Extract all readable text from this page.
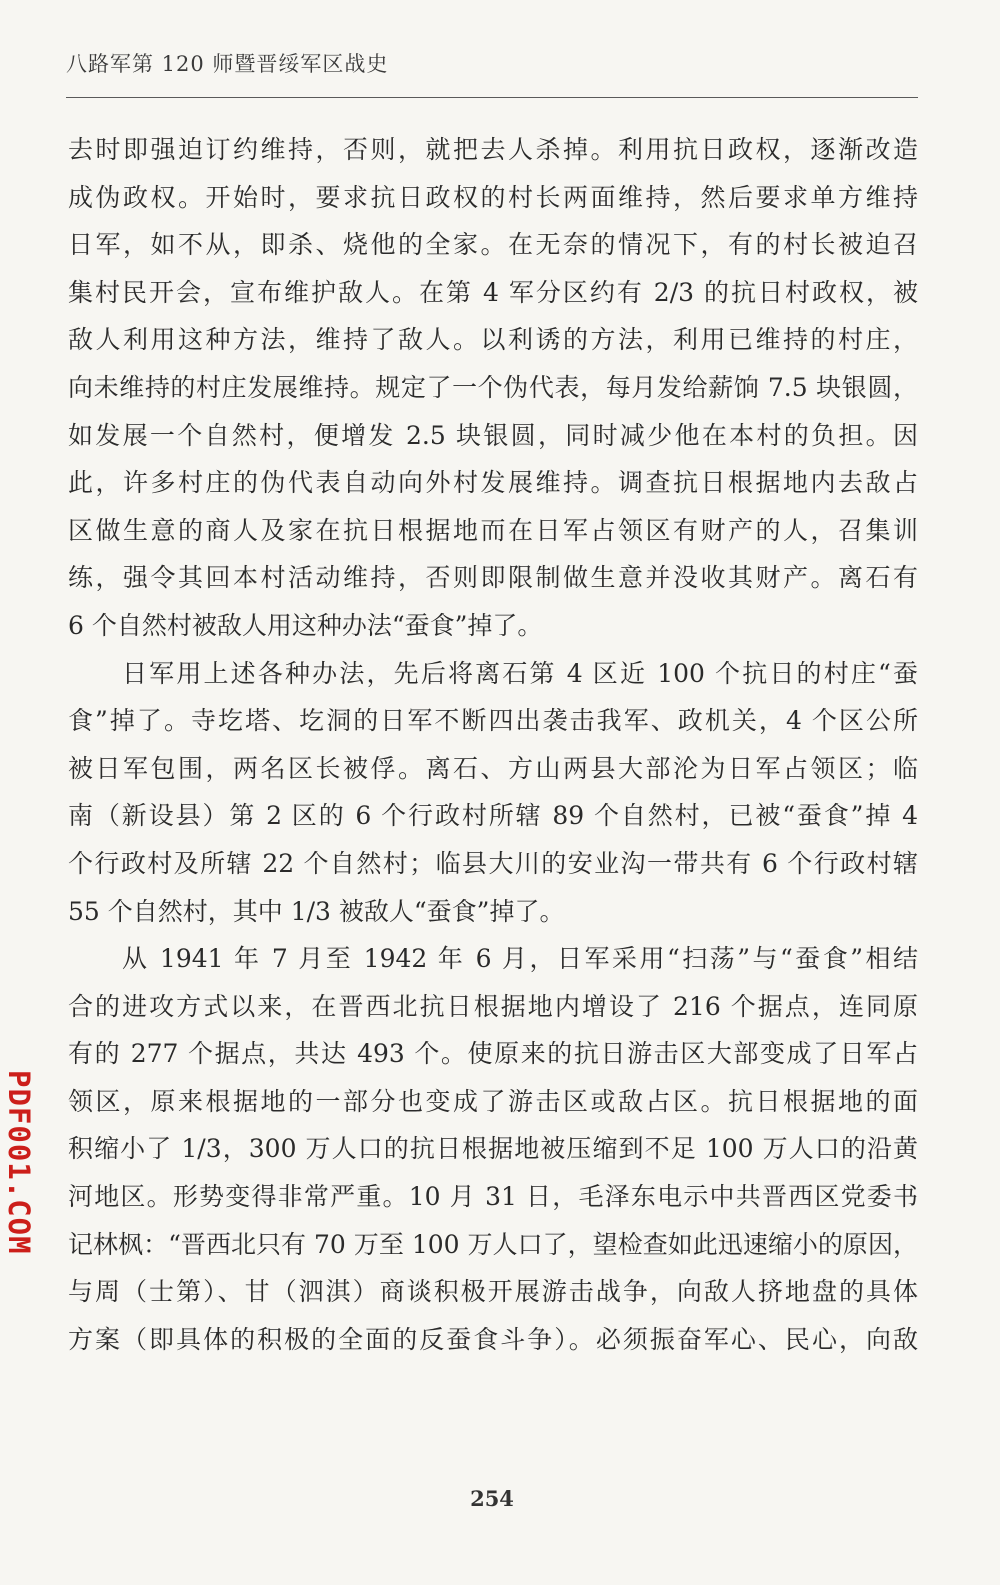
八路军第 120 师暨晋绥军区战史
去时即强迫订约维持，否则，就把去人杀掉。利用抗日政权，逐渐改造
成伪政权。开始时，要求抗日政权的村长两面维持，然后要求单方维持
日军，如不从，即杀、烧他的全家。在无奈的情况下，有的村长被迫召
集村民开会，宣布维护敌人。在第 4 军分区约有 2/3 的抗日村政权，被
敌人利用这种方法，维持了敌人。以利诱的方法，利用已维持的村庄，
向未维持的村庄发展维持。规定了一个伪代表，每月发给薪饷 7.5 块银圆，
如发展一个自然村，便增发 2.5 块银圆，同时减少他在本村的负担。因
此，许多村庄的伪代表自动向外村发展维持。调查抗日根据地内去敌占
区做生意的商人及家在抗日根据地而在日军占领区有财产的人，召集训
练，强令其回本村活动维持，否则即限制做生意并没收其财产。离石有
6 个自然村被敌人用这种办法“蚕食”掉了。
日军用上述各种办法，先后将离石第 4 区近 100 个抗日的村庄“蚕
食”掉了。寺圪塔、圪洞的日军不断四出袭击我军、政机关，4 个区公所
被日军包围，两名区长被俘。离石、方山两县大部沦为日军占领区；临
南（新设县）第 2 区的 6 个行政村所辖 89 个自然村，已被“蚕食”掉 4
个行政村及所辖 22 个自然村；临县大川的安业沟一带共有 6 个行政村辖
55 个自然村，其中 1/3 被敌人“蚕食”掉了。
从 1941 年 7 月至 1942 年 6 月，日军采用“扫荡”与“蚕食”相结
合的进攻方式以来，在晋西北抗日根据地内增设了 216 个据点，连同原
有的 277 个据点，共达 493 个。使原来的抗日游击区大部变成了日军占
领区，原来根据地的一部分也变成了游击区或敌占区。抗日根据地的面
积缩小了 1/3，300 万人口的抗日根据地被压缩到不足 100 万人口的沿黄
河地区。形势变得非常严重。10 月 31 日，毛泽东电示中共晋西区党委书
记林枫：“晋西北只有 70 万至 100 万人口了，望检查如此迅速缩小的原因，
与周（士第）、甘（泗淇）商谈积极开展游击战争，向敌人挤地盘的具体
方案（即具体的积极的全面的反蚕食斗争）。必须振奋军心、民心，向敌
254
PDF001.COM
